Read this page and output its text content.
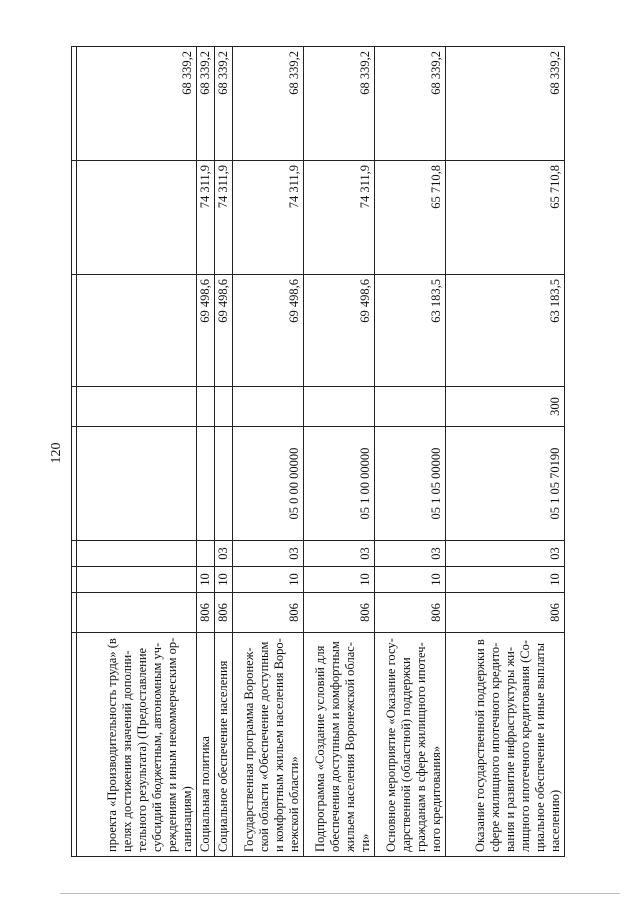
120

проекта «Производительность труда» (в целях достижения значений дополнительного результата) (Предоставление субсидий бюджетным, автономным учреждениям и иным некоммерческим организациям)								68 339,2
Социальная политика	806	10				69 498,6	74 311,9	68 339,2
Социальное обеспечение населения	806	10	03			69 498,6	74 311,9	68 339,2
Государственная программа Воронежской области «Обеспечение доступным и комфортным жильем населения Воронежской области»	806	10	03	05 0 00 00000		69 498,6	74 311,9	68 339,2
Подпрограмма «Создание условий для обеспечения доступным и комфортным жильем населения Воронежской области»	806	10	03	05 1 00 00000		69 498,6	74 311,9	68 339,2
Основное мероприятие «Оказание государственной (областной) поддержки гражданам в сфере жилищного ипотечного кредитования»	806	10	03	05 1 05 00000		63 183,5	65 710,8	68 339,2
Оказание государственной поддержки в сфере жилищного ипотечного кредитования и развитие инфраструктуры жилищного ипотечного кредитования (Социальное обеспечение и иные выплаты населению)	806	10	03	05 1 05 70190	300	63 183,5	65 710,8	68 339,2
